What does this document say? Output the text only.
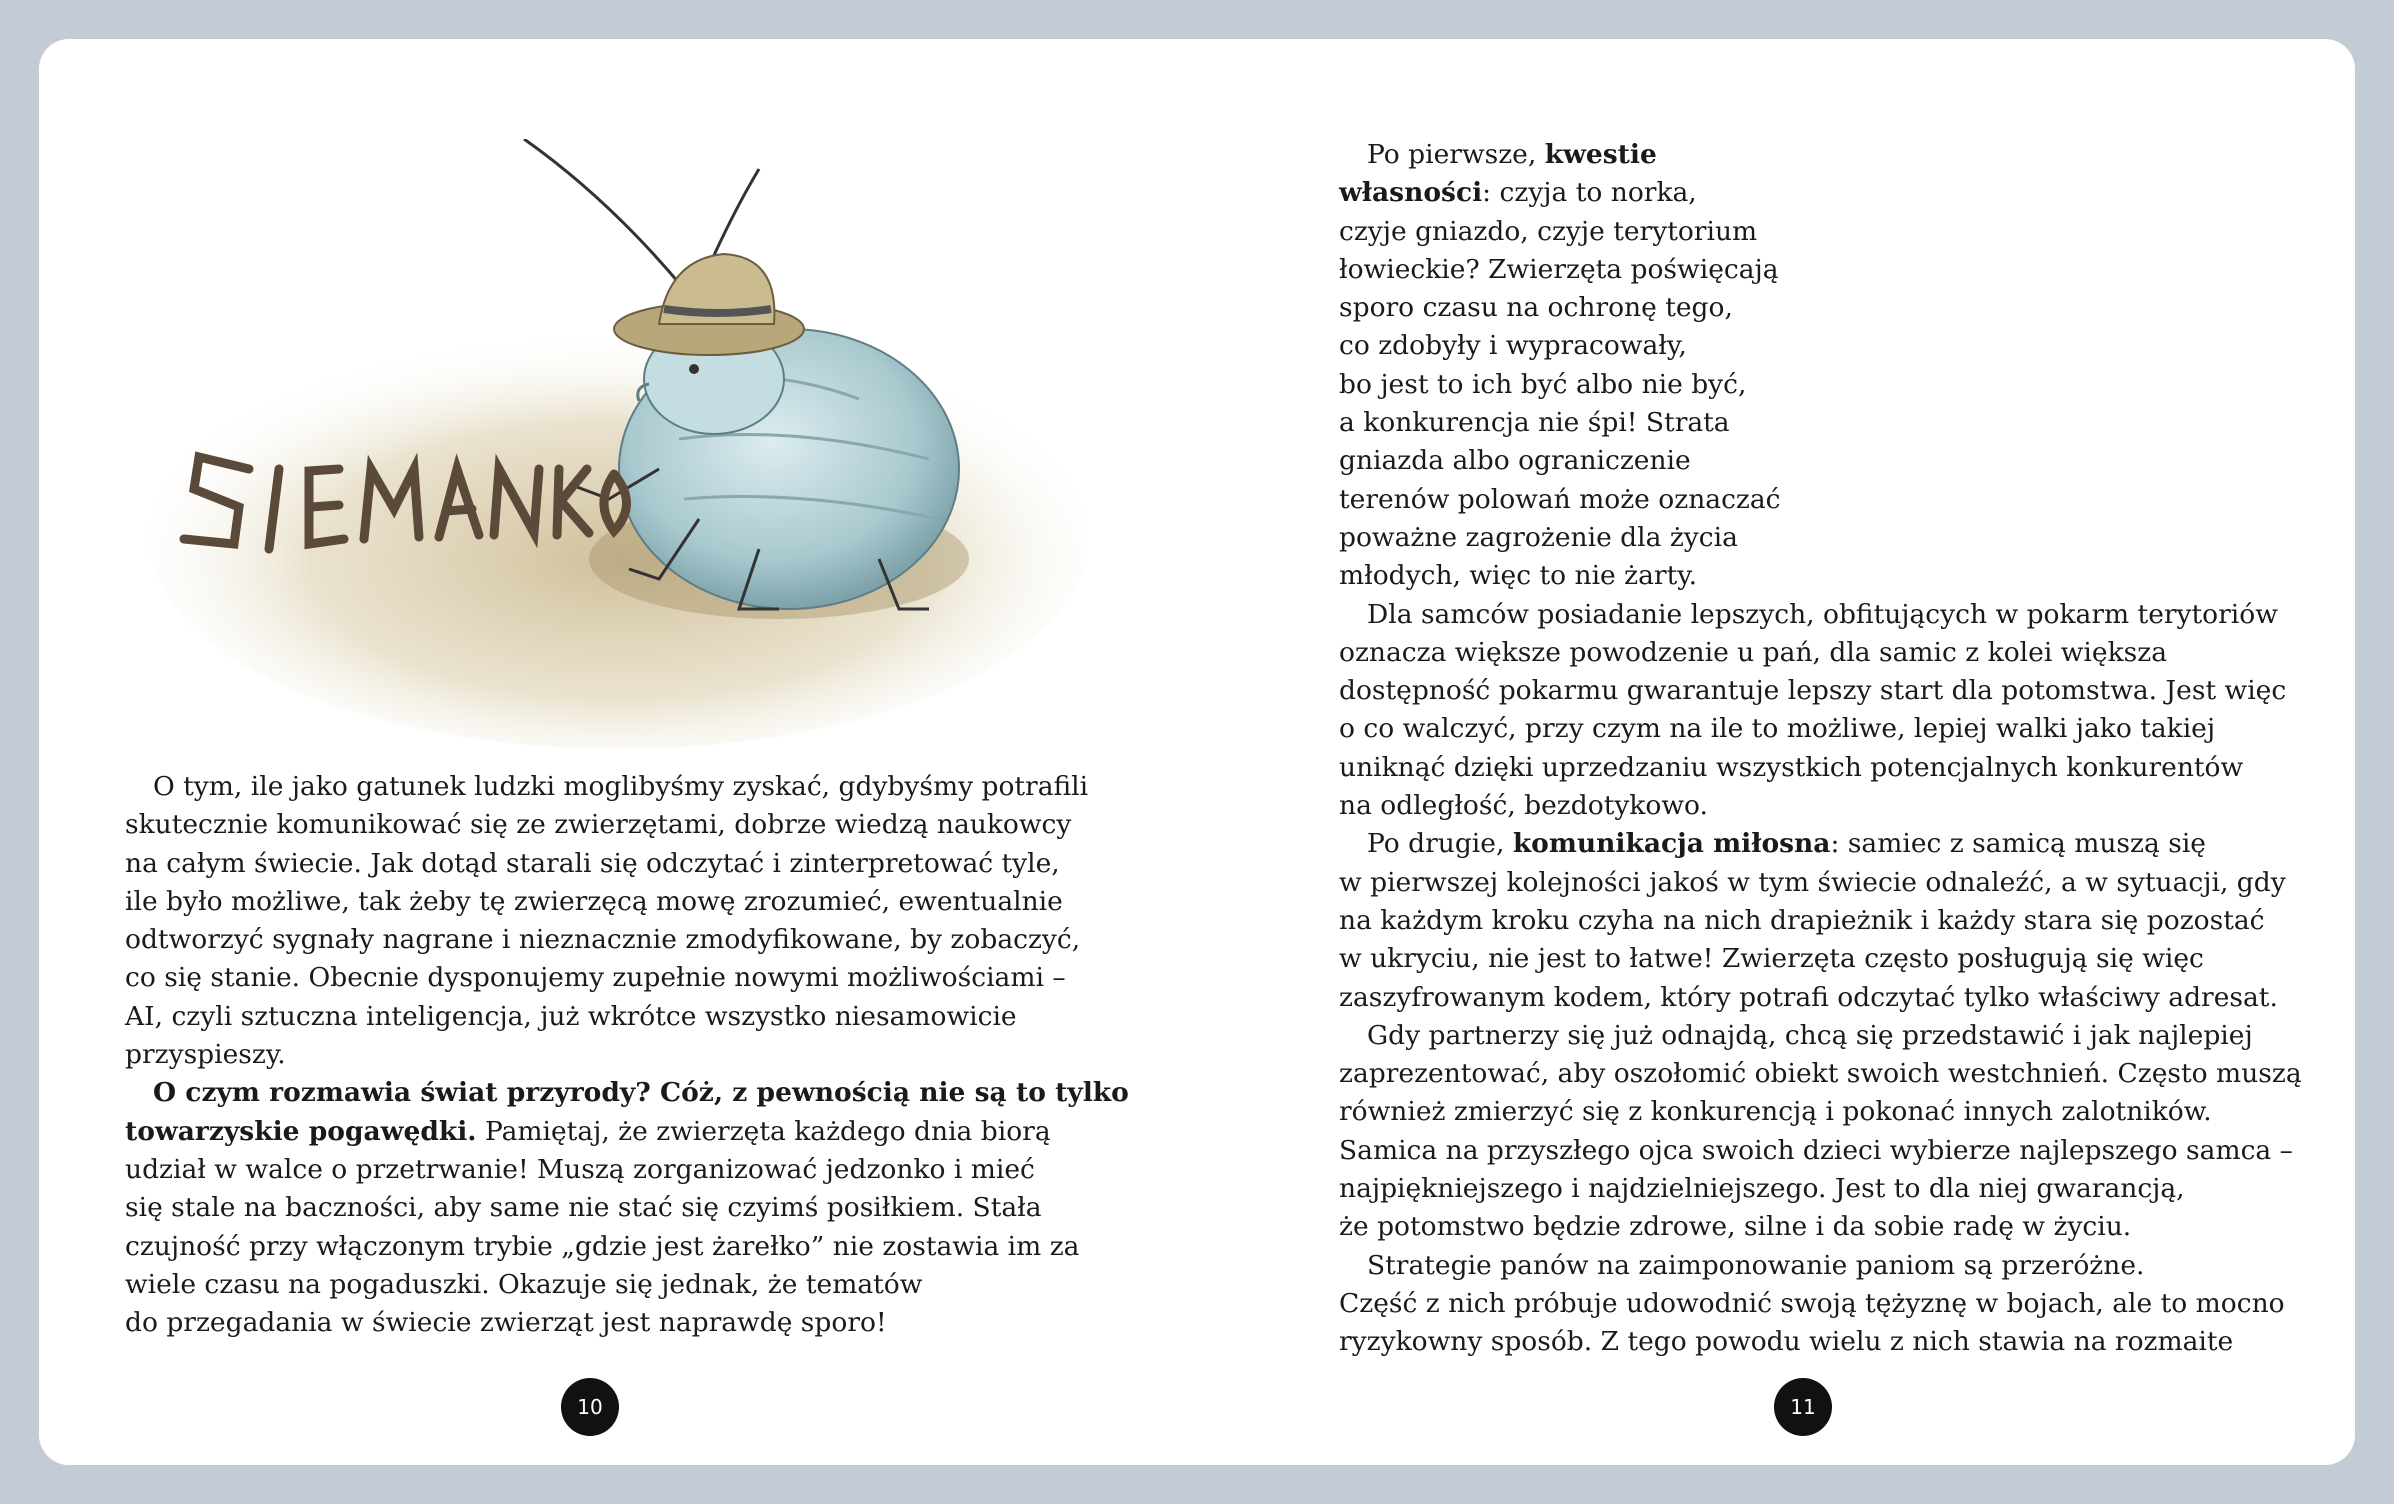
O tym, ile jako gatunek ludzki moglibyśmy zyskać, gdybyśmy potrafili
skutecznie komunikować się ze zwierzętami, dobrze wiedzą naukowcy
na całym świecie. Jak dotąd starali się odczytać i zinterpretować tyle,
ile było możliwe, tak żeby tę zwierzęcą mowę zrozumieć, ewentualnie
odtworzyć sygnały nagrane i nieznacznie zmodyfikowane, by zobaczyć,
co się stanie. Obecnie dysponujemy zupełnie nowymi możliwościami –
AI, czyli sztuczna inteligencja, już wkrótce wszystko niesamowicie
przyspieszy.
O czym rozmawia świat przyrody? Cóż, z pewnością nie są to tylko
towarzyskie pogawędki. Pamiętaj, że zwierzęta każdego dnia biorą
udział w walce o przetrwanie! Muszą zorganizować jedzonko i mieć
się stale na baczności, aby same nie stać się czyimś posiłkiem. Stała
czujność przy włączonym trybie „gdzie jest żarełko” nie zostawia im za
wiele czasu na pogaduszki. Okazuje się jednak, że tematów
do przegadania w świecie zwierząt jest naprawdę sporo!
10
Po pierwsze, kwestie
własności: czyja to norka,
czyje gniazdo, czyje terytorium
łowieckie? Zwierzęta poświęcają
sporo czasu na ochronę tego,
co zdobyły i wypracowały,
bo jest to ich być albo nie być,
a konkurencja nie śpi! Strata
gniazda albo ograniczenie
terenów polowań może oznaczać
poważne zagrożenie dla życia
młodych, więc to nie żarty.
Dla samców posiadanie lepszych, obfitujących w pokarm terytoriów
oznacza większe powodzenie u pań, dla samic z kolei większa
dostępność pokarmu gwarantuje lepszy start dla potomstwa. Jest więc
o co walczyć, przy czym na ile to możliwe, lepiej walki jako takiej
uniknąć dzięki uprzedzaniu wszystkich potencjalnych konkurentów
na odległość, bezdotykowo.
Po drugie, komunikacja miłosna: samiec z samicą muszą się
w pierwszej kolejności jakoś w tym świecie odnaleźć, a w sytuacji, gdy
na każdym kroku czyha na nich drapieżnik i każdy stara się pozostać
w ukryciu, nie jest to łatwe! Zwierzęta często posługują się więc
zaszyfrowanym kodem, który potrafi odczytać tylko właściwy adresat.
Gdy partnerzy się już odnajdą, chcą się przedstawić i jak najlepiej
zaprezentować, aby oszołomić obiekt swoich westchnień. Często muszą
również zmierzyć się z konkurencją i pokonać innych zalotników.
Samica na przyszłego ojca swoich dzieci wybierze najlepszego samca –
najpiękniejszego i najdzielniejszego. Jest to dla niej gwarancją,
że potomstwo będzie zdrowe, silne i da sobie radę w życiu.
Strategie panów na zaimponowanie paniom są przeróżne.
Część z nich próbuje udowodnić swoją tężyznę w bojach, ale to mocno
ryzykowny sposób. Z tego powodu wielu z nich stawia na rozmaite
11
